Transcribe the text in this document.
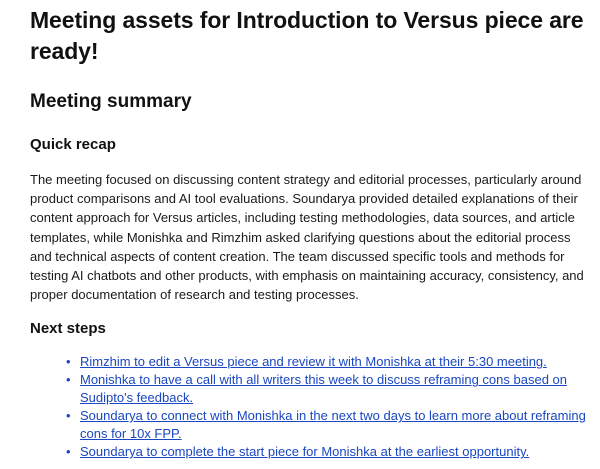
Meeting assets for Introduction to Versus piece are ready!
Meeting summary
Quick recap

The meeting focused on discussing content strategy and editorial processes, particularly around product comparisons and AI tool evaluations. Soundarya provided detailed explanations of their content approach for Versus articles, including testing methodologies, data sources, and article templates, while Monishka and Rimzhim asked clarifying questions about the editorial process and technical aspects of content creation. The team discussed specific tools and methods for testing AI chatbots and other products, with emphasis on maintaining accuracy, consistency, and proper documentation of research and testing processes.

Next steps
• Rimzhim to edit a Versus piece and review it with Monishka at their 5:30 meeting.
• Monishka to have a call with all writers this week to discuss reframing cons based on Sudipto's feedback.
• Soundarya to connect with Monishka in the next two days to learn more about reframing cons for 10x FPP.
• Soundarya to complete the start piece for Monishka at the earliest opportunity.
